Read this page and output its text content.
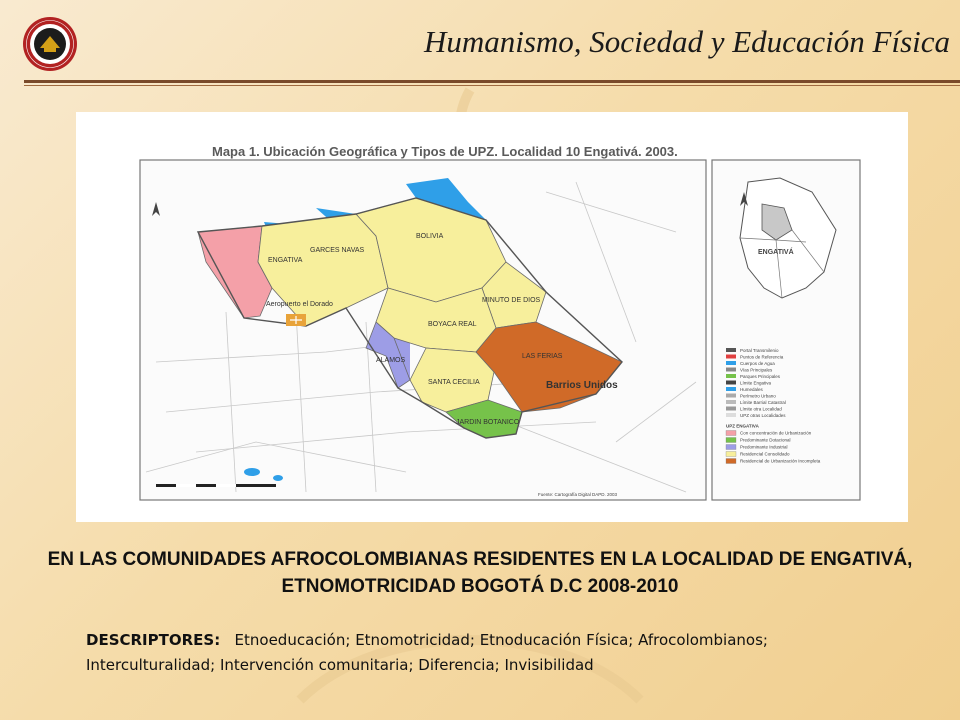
Humanismo, Sociedad y Educación Física
ENGATIVA
GARCES NAVAS
BOLIVIA
MINUTO DE DIOS
BOYACA REAL
ALAMOS
SANTA CECILIA
LAS FERIAS
JARDIN BOTANICO
Barrios Unidos
Aeropuerto el Dorado
Fuente: Cartografía Digital DAPD. 2003
ENGATIVÁ
Portal Transmilenio
Puntos de Referencia
Cuerpos de Agua
Vías Principales
Parques Principales
Límite Engativa
Humedales
Perímetro Urbano
Límite Barrial Catastral
Límite otra Localidad
UPZ otras Localidades
UPZ ENGATIVA
Con concentración de Urbanización
Predominante Dotacional
Predominante Industrial
Residencial Consolidado
Residencial de Urbanización Incompleta
Mapa 1. Ubicación Geográfica y Tipos de UPZ. Localidad 10 Engativá. 2003.
EN LAS COMUNIDADES AFROCOLOMBIANAS RESIDENTES EN LA LOCALIDAD DE ENGATIVÁ, ETNOMOTRICIDAD BOGOTÁ D.C 2008-2010
DESCRIPTORES: Etnoeducación; Etnomotricidad; Etnoducación Física; Afrocolombianos; Interculturalidad; Intervención comunitaria; Diferencia; Invisibilidad
